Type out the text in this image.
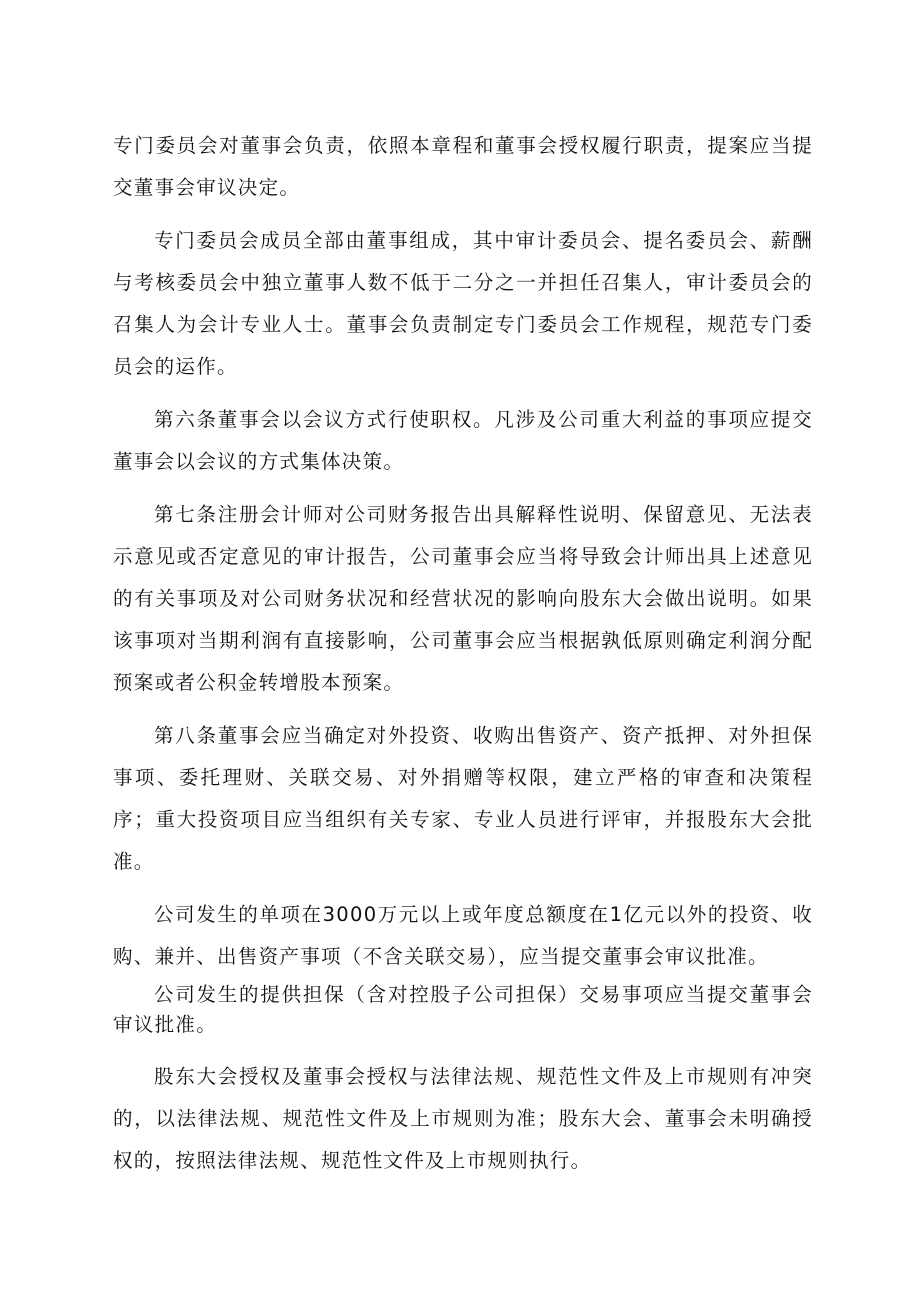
专门委员会对董事会负责，依照本章程和董事会授权履行职责，提案应当提交董事会审议决定。

专门委员会成员全部由董事组成，其中审计委员会、提名委员会、薪酬与考核委员会中独立董事人数不低于二分之一并担任召集人，审计委员会的召集人为会计专业人士。董事会负责制定专门委员会工作规程，规范专门委员会的运作。

第六条董事会以会议方式行使职权。凡涉及公司重大利益的事项应提交董事会以会议的方式集体决策。

第七条注册会计师对公司财务报告出具解释性说明、保留意见、无法表示意见或否定意见的审计报告，公司董事会应当将导致会计师出具上述意见的有关事项及对公司财务状况和经营状况的影响向股东大会做出说明。如果该事项对当期利润有直接影响，公司董事会应当根据孰低原则确定利润分配预案或者公积金转增股本预案。

第八条董事会应当确定对外投资、收购出售资产、资产抵押、对外担保事项、委托理财、关联交易、对外捐赠等权限，建立严格的审查和决策程序；重大投资项目应当组织有关专家、专业人员进行评审，并报股东大会批准。

公司发生的单项在3000万元以上或年度总额度在1亿元以外的投资、收购、兼并、出售资产事项（不含关联交易），应当提交董事会审议批准。

公司发生的提供担保（含对控股子公司担保）交易事项应当提交董事会审议批准。

股东大会授权及董事会授权与法律法规、规范性文件及上市规则有冲突的，以法律法规、规范性文件及上市规则为准；股东大会、董事会未明确授权的，按照法律法规、规范性文件及上市规则执行。
